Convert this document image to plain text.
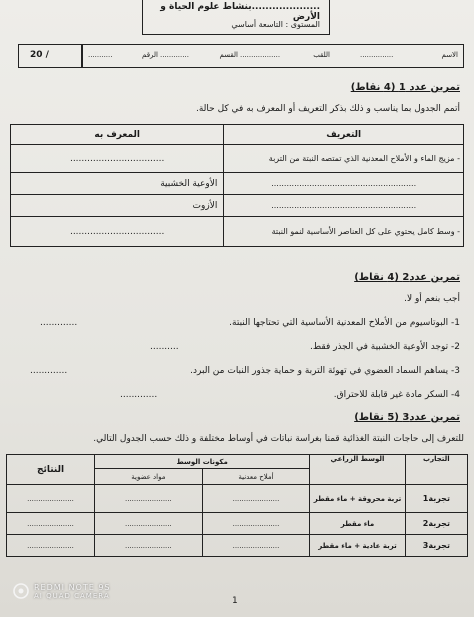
....................بنشاط علوم الحياة و الأرض
المستوى : التاسعة أساسي
20 /	الاسم
...............
اللقب
..................
القسم
.............
الرقم
...........
تمرين عدد 1 (4 نقاط)
أتمم الجدول بما يناسب و ذلك بذكر التعريف أو المعرف به في كل حالة.
المعرف به	التعريف
.................................	- مزيج الماء و الأملاح المعدنية الذي تمتصه النبتة من التربة
الأوعية الخشبية	.........................................................
الأزوت	.........................................................
.................................	- وسط كامل يحتوي على كل العناصر الأساسية لنمو النبتة
تمرين عدد2 (4 نقاط)
أجب بنعم أو لا.
1- البوتاسيوم من الأملاح المعدنية الأساسية التي تحتاجها النبتة.
.............
2- توجد الأوعية الخشبية في الجذر فقط.
..........
3- يساهم السماد العضوي في تهوئة التربة و حماية جذور النبات من البرد.
.............
4- السكر مادة غير قابلة للاحتراق.
.............
تمرين عدد3 (5 نقاط)
للتعرف إلى حاجات النبتة الغذائية قمنا بغراسة نباتات في أوساط مختلفة و ذلك حسب الجدول التالي.
النتائج	مكونات الوسط		الوسط الزراعي	التجارب
	مواد عضوية	أملاح معدنية		
.....................	.....................	.....................	تربة محروقة + ماء مقطر	تجربة1
.....................	.....................	.....................	ماء مقطر	تجربة2
.....................	.....................	.....................	تربة عادية + ماء مقطر	تجربة3
1
REDMI NOTE 9S
AI QUAD CAMERA
